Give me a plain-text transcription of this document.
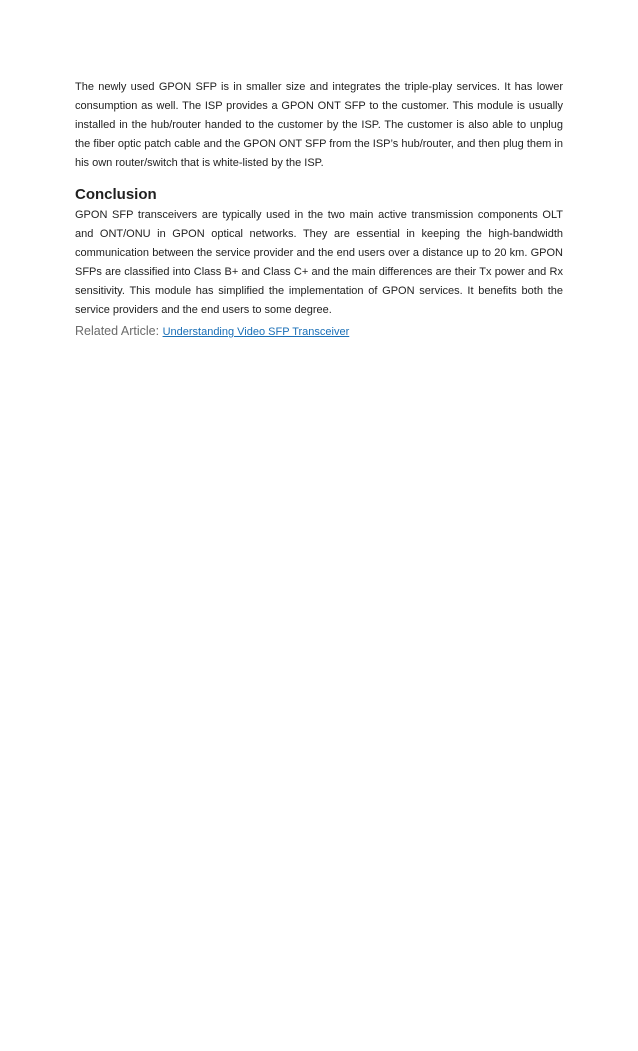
The newly used GPON SFP is in smaller size and integrates the triple-play services. It has lower consumption as well. The ISP provides a GPON ONT SFP to the customer. This module is usually installed in the hub/router handed to the customer by the ISP. The customer is also able to unplug the fiber optic patch cable and the GPON ONT SFP from the ISP’s hub/router, and then plug them in his own router/switch that is white-listed by the ISP.

Conclusion

GPON SFP transceivers are typically used in the two main active transmission components OLT and ONT/ONU in GPON optical networks. They are essential in keeping the high-bandwidth communication between the service provider and the end users over a distance up to 20 km. GPON SFPs are classified into Class B+ and Class C+ and the main differences are their Tx power and Rx sensitivity. This module has simplified the implementation of GPON services. It benefits both the service providers and the end users to some degree.

Related Article: Understanding Video SFP Transceiver
